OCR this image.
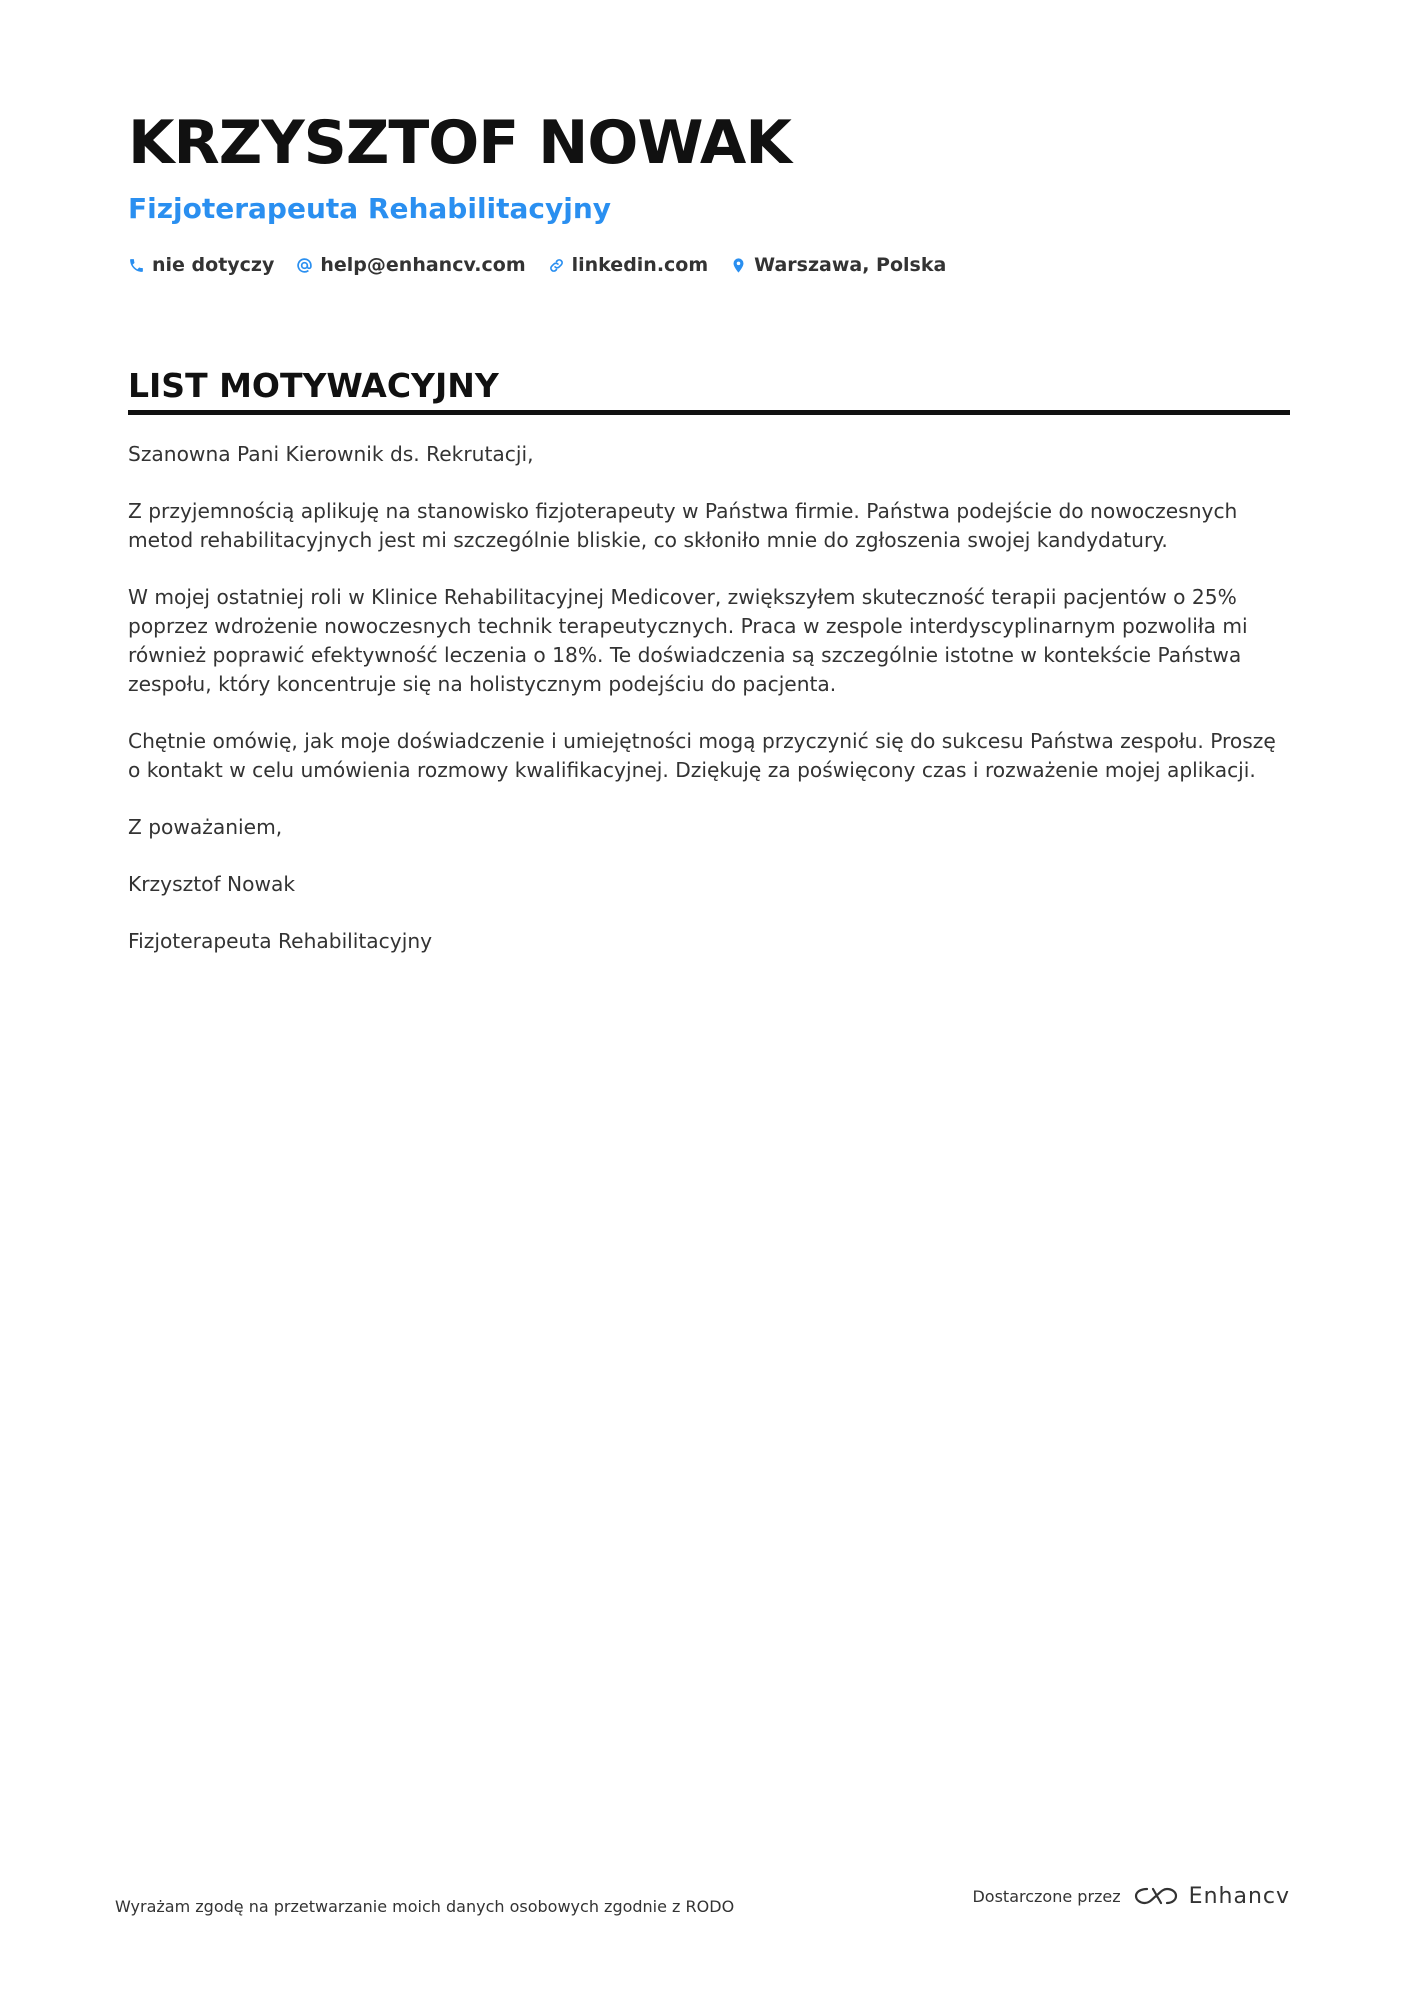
KRZYSZTOF NOWAK
Fizjoterapeuta Rehabilitacyjny
nie dotyczy help@enhancv.com linkedin.com Warszawa, Polska
LIST MOTYWACYJNY

Szanowna Pani Kierownik ds. Rekrutacji,

Z przyjemnością aplikuję na stanowisko fizjoterapeuty w Państwa firmie. Państwa podejście do nowoczesnych metod rehabilitacyjnych jest mi szczególnie bliskie, co skłoniło mnie do zgłoszenia swojej kandydatury.

W mojej ostatniej roli w Klinice Rehabilitacyjnej Medicover, zwiększyłem skuteczność terapii pacjentów o 25% poprzez wdrożenie nowoczesnych technik terapeutycznych. Praca w zespole interdyscyplinarnym pozwoliła mi również poprawić efektywność leczenia o 18%. Te doświadczenia są szczególnie istotne w kontekście Państwa zespołu, który koncentruje się na holistycznym podejściu do pacjenta.

Chętnie omówię, jak moje doświadczenie i umiejętności mogą przyczynić się do sukcesu Państwa zespołu. Proszę o kontakt w celu umówienia rozmowy kwalifikacyjnej. Dziękuję za poświęcony czas i rozważenie mojej aplikacji.

Z poważaniem,

Krzysztof Nowak

Fizjoterapeuta Rehabilitacyjny

Wyrażam zgodę na przetwarzanie moich danych osobowych zgodnie z RODO
Dostarczone przez	Enhancv
